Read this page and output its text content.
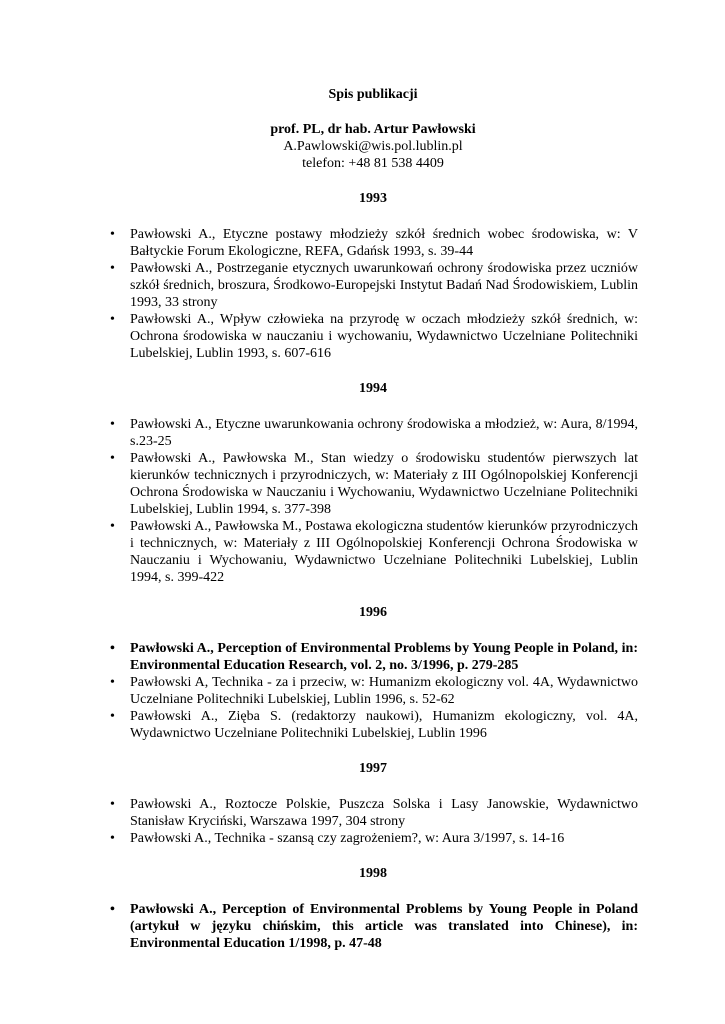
Spis publikacji

prof. PL, dr hab. Artur Pawłowski

A.Pawlowski@wis.pol.lublin.pl

telefon: +48 81 538 4409

1993

• Pawłowski A., Etyczne postawy młodzieży szkół średnich wobec środowiska, w: V Bałtyckie Forum Ekologiczne, REFA, Gdańsk 1993, s. 39-44
• Pawłowski A., Postrzeganie etycznych uwarunkowań ochrony środowiska przez uczniów szkół średnich, broszura, Środkowo-Europejski Instytut Badań Nad Środowiskiem, Lublin 1993, 33 strony
• Pawłowski A., Wpływ człowieka na przyrodę w oczach młodzieży szkół średnich, w: Ochrona środowiska w nauczaniu i wychowaniu, Wydawnictwo Uczelniane Politechniki Lubelskiej, Lublin 1993, s. 607-616

1994

• Pawłowski A., Etyczne uwarunkowania ochrony środowiska a młodzież, w: Aura, 8/1994, s.23-25
• Pawłowski A., Pawłowska M., Stan wiedzy o środowisku studentów pierwszych lat kierunków technicznych i przyrodniczych, w: Materiały z III Ogólnopolskiej Konferencji Ochrona Środowiska w Nauczaniu i Wychowaniu, Wydawnictwo Uczelniane Politechniki Lubelskiej, Lublin 1994, s. 377-398
• Pawłowski A., Pawłowska M., Postawa ekologiczna studentów kierunków przyrodniczych i technicznych, w: Materiały z III Ogólnopolskiej Konferencji Ochrona Środowiska w Nauczaniu i Wychowaniu, Wydawnictwo Uczelniane Politechniki Lubelskiej, Lublin 1994, s. 399-422

1996

• Pawłowski A., Perception of Environmental Problems by Young People in Poland, in: Environmental Education Research, vol. 2, no. 3/1996, p. 279-285
• Pawłowski A, Technika - za i przeciw, w: Humanizm ekologiczny vol. 4A, Wydawnictwo Uczelniane Politechniki Lubelskiej, Lublin 1996, s. 52-62
• Pawłowski A., Zięba S. (redaktorzy naukowi), Humanizm ekologiczny, vol. 4A, Wydawnictwo Uczelniane Politechniki Lubelskiej, Lublin 1996

1997

• Pawłowski A., Roztocze Polskie, Puszcza Solska i Lasy Janowskie, Wydawnictwo Stanisław Kryciński, Warszawa 1997, 304 strony
• Pawłowski A., Technika - szansą czy zagrożeniem?, w: Aura 3/1997, s. 14-16

1998

• Pawłowski A., Perception of Environmental Problems by Young People in Poland (artykuł w języku chińskim, this article was translated into Chinese), in: Environmental Education 1/1998, p. 47-48
